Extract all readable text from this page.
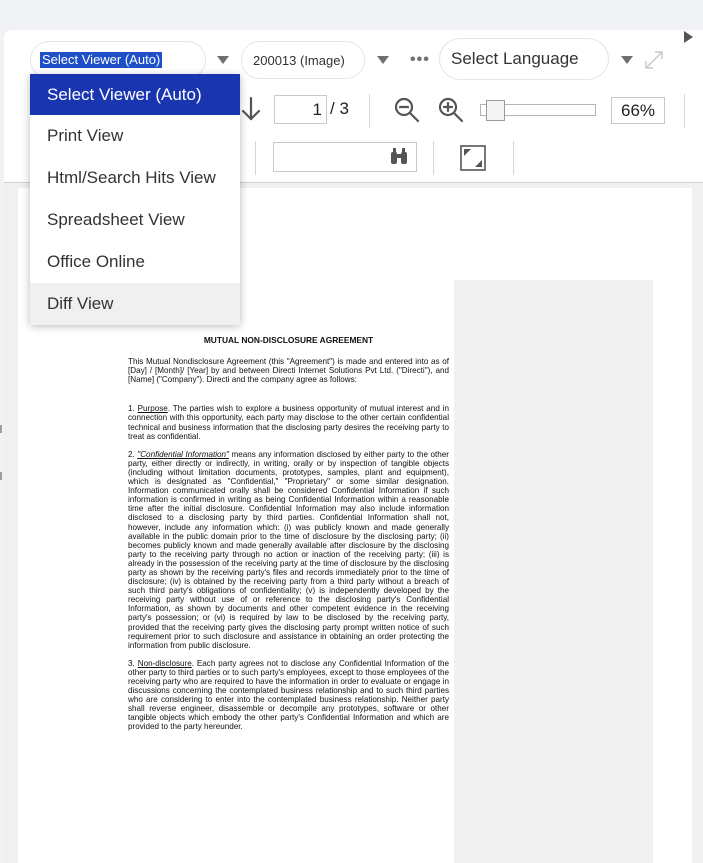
Select Viewer (Auto)	200013 (Image)	••• Select Language
1 / 3	66%
MUTUAL NON-DISCLOSURE AGREEMENT

This Mutual Nondisclosure Agreement (this "Agreement") is made and entered into as of [Day] / [Month]/ [Year] by and between Directi Internet Solutions Pvt Ltd. ("Directi"), and [Name] ("Company"). Directi and the company agree as follows:

1. Purpose. The parties wish to explore a business opportunity of mutual interest and in connection with this opportunity, each party may disclose to the other certain confidential technical and business information that the disclosing party desires the receiving party to treat as confidential.

2. "Confidential Information" means any information disclosed by either party to the other party, either directly or indirectly, in writing, orally or by inspection of tangible objects (including without limitation documents, prototypes, samples, plant and equipment), which is designated as "Confidential," "Proprietary" or some similar designation. Information communicated orally shall be considered Confidential Information if such information is confirmed in writing as being Confidential Information within a reasonable time after the initial disclosure. Confidential Information may also include information disclosed to a disclosing party by third parties. Confidential Information shall not, however, include any information which: (i) was publicly known and made generally available in the public domain prior to the time of disclosure by the disclosing party; (ii) becomes publicly known and made generally available after disclosure by the disclosing party to the receiving party through no action or inaction of the receiving party; (iii) is already in the possession of the receiving party at the time of disclosure by the disclosing party as shown by the receiving party's files and records immediately prior to the time of disclosure; (iv) is obtained by the receiving party from a third party without a breach of such third party's obligations of confidentiality; (v) is independently developed by the receiving party without use of or reference to the disclosing party's Confidential Information, as shown by documents and other competent evidence in the receiving party's possession; or (vi) is required by law to be disclosed by the receiving party, provided that the receiving party gives the disclosing party prompt written notice of such requirement prior to such disclosure and assistance in obtaining an order protecting the information from public disclosure.

3. Non-disclosure. Each party agrees not to disclose any Confidential Information of the other party to third parties or to such party's employees, except to those employees of the receiving party who are required to have the information in order to evaluate or engage in discussions concerning the contemplated business relationship and to such third parties who are considering to enter into the contemplated business relationship. Neither party shall reverse engineer, disassemble or decompile any prototypes, software or other tangible objects which embody the other party's Confidential Information and which are provided to the party hereunder.

Select Viewer (Auto)
Print View
Html/Search Hits View
Spreadsheet View
Office Online
Diff View
